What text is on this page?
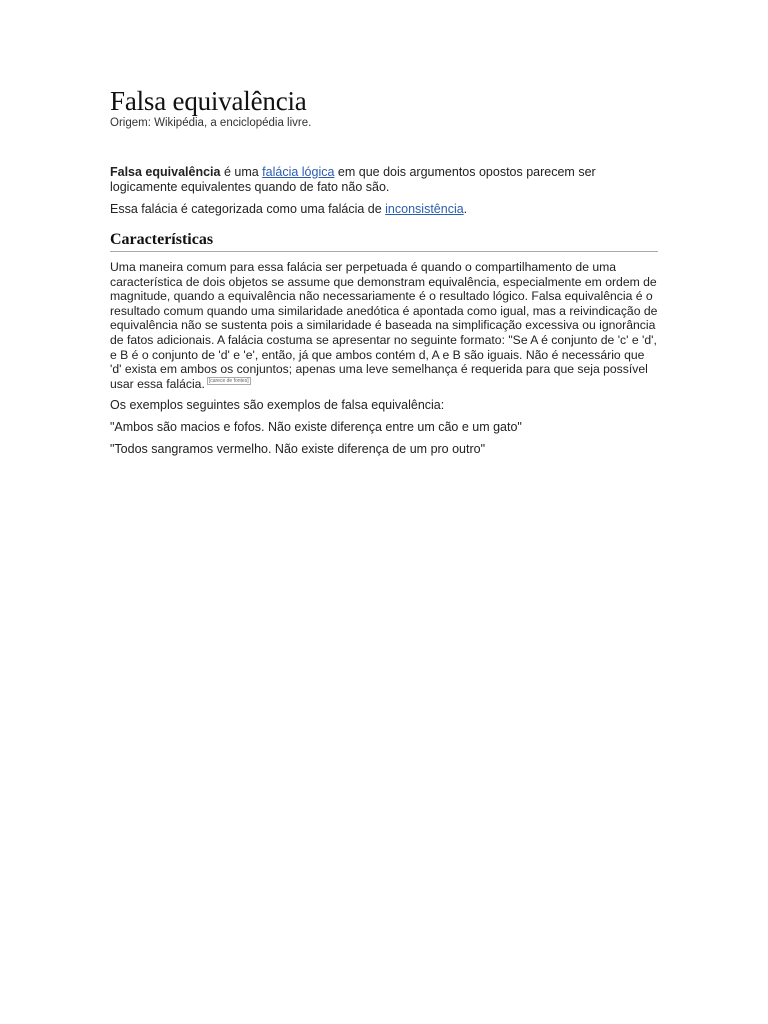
Falsa equivalência

Origem: Wikipédia, a enciclopédia livre.

Falsa equivalência é uma falácia lógica em que dois argumentos opostos parecem ser logicamente equivalentes quando de fato não são.

Essa falácia é categorizada como uma falácia de inconsistência.

Características

Uma maneira comum para essa falácia ser perpetuada é quando o compartilhamento de uma característica de dois objetos se assume que demonstram equivalência, especialmente em ordem de magnitude, quando a equivalência não necessariamente é o resultado lógico. Falsa equivalência é o resultado comum quando uma similaridade anedótica é apontada como igual, mas a reivindicação de equivalência não se sustenta pois a similaridade é baseada na simplificação excessiva ou ignorância de fatos adicionais. A falácia costuma se apresentar no seguinte formato: "Se A é conjunto de 'c' e 'd', e B é o conjunto de 'd' e 'e', então, já que ambos contém d, A e B são iguais. Não é necessário que 'd' exista em ambos os conjuntos; apenas uma leve semelhança é requerida para que seja possível usar essa falácia. [carece de fontes]

Os exemplos seguintes são exemplos de falsa equivalência:

"Ambos são macios e fofos. Não existe diferença entre um cão e um gato"

"Todos sangramos vermelho. Não existe diferença de um pro outro"
